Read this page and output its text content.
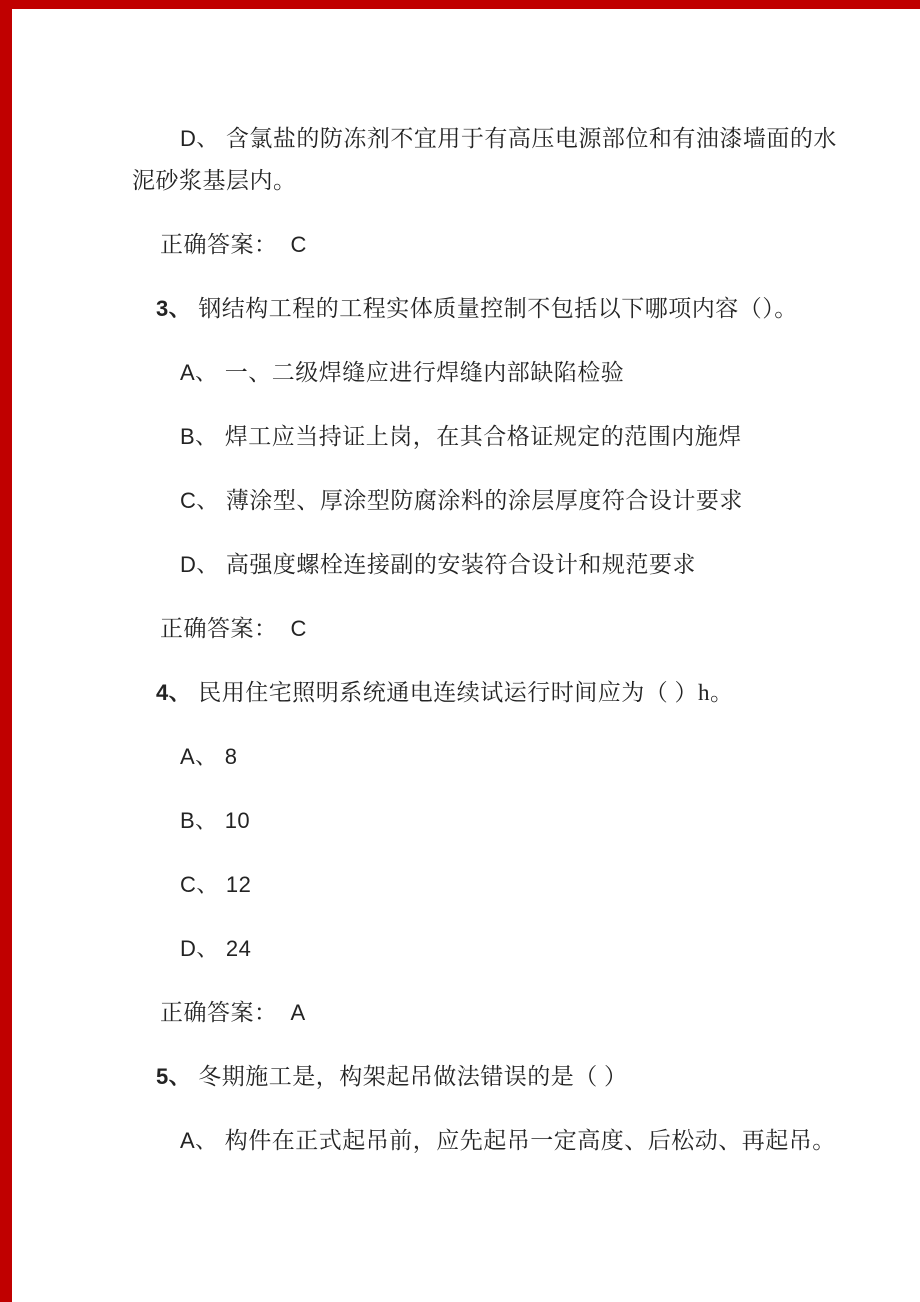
D、 含氯盐的防冻剂不宜用于有高压电源部位和有油漆墙面的水
泥砂浆基层内。
正确答案： C
3、 钢结构工程的工程实体质量控制不包括以下哪项内容（）。
A、 一、二级焊缝应进行焊缝内部缺陷检验
B、 焊工应当持证上岗，在其合格证规定的范围内施焊
C、 薄涂型、厚涂型防腐涂料的涂层厚度符合设计要求
D、 高强度螺栓连接副的安装符合设计和规范要求
正确答案： C
4、 民用住宅照明系统通电连续试运行时间应为（ ）h。
A、 8
B、 10
C、 12
D、 24
正确答案： A
5、 冬期施工是，构架起吊做法错误的是（ ）
A、 构件在正式起吊前，应先起吊一定高度、后松动、再起吊。
